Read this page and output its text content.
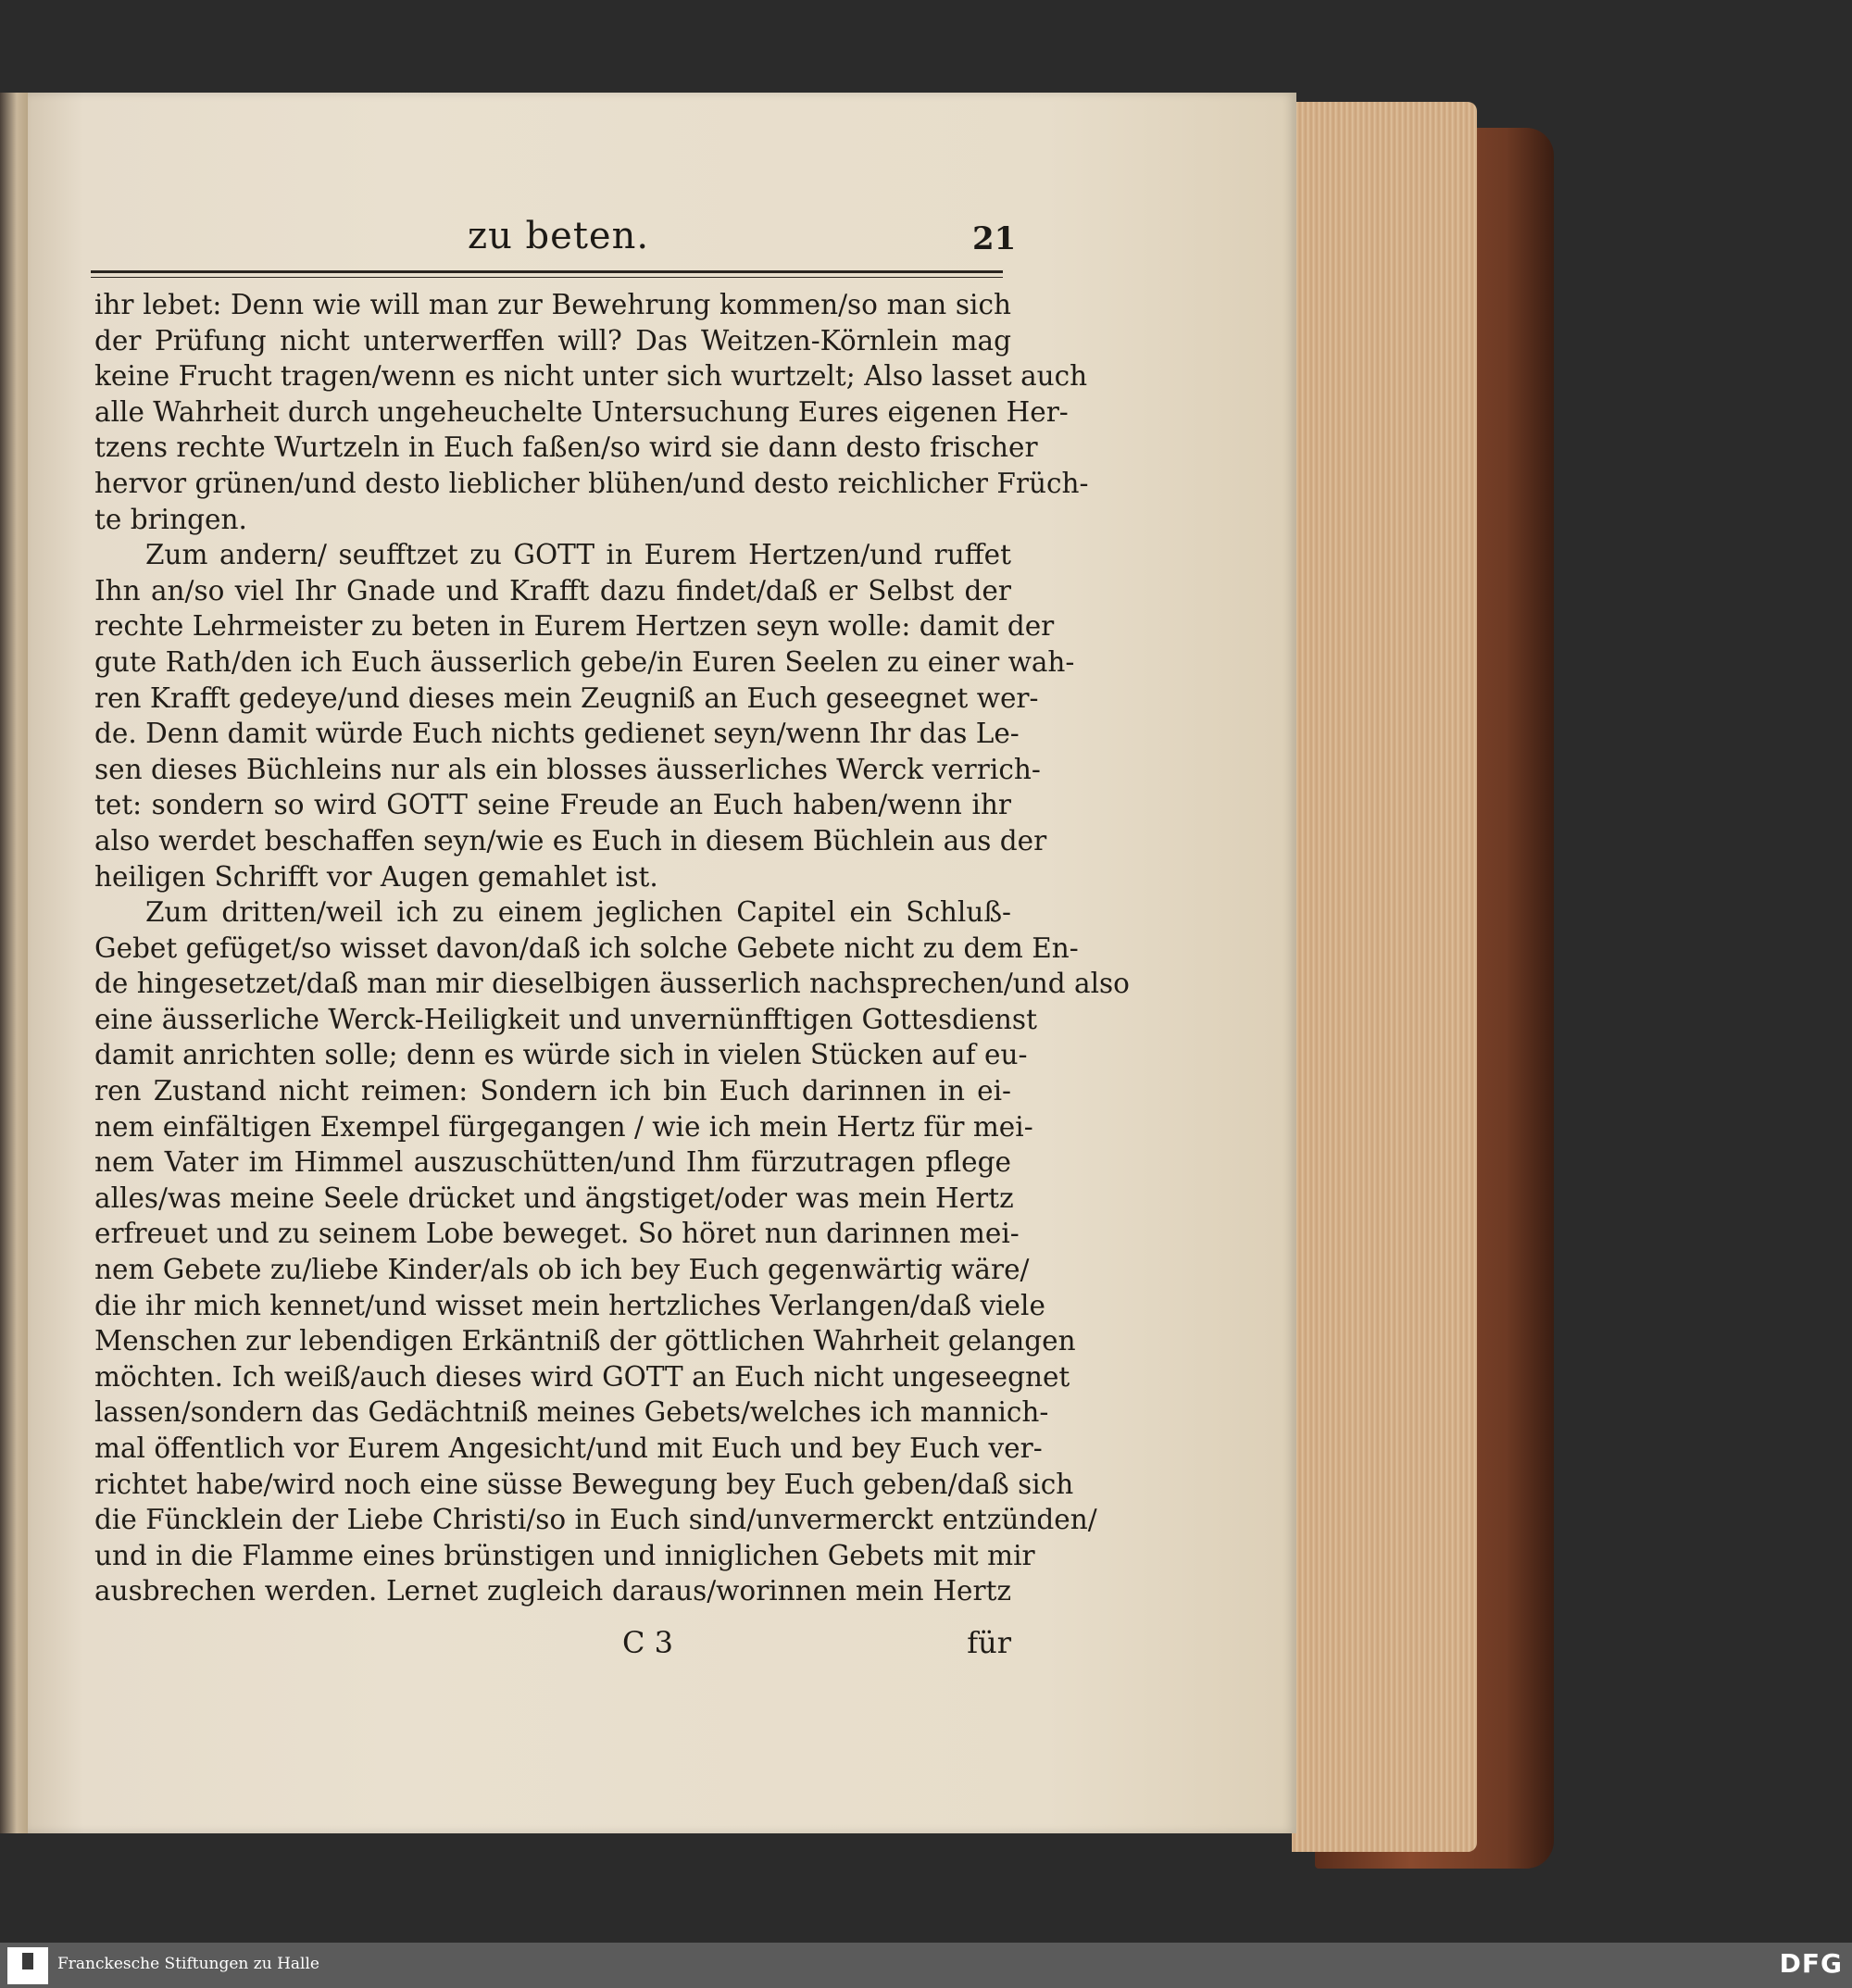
zu beten.	21
ihr lebet: Denn wie will man zur Bewehrung kommen/so man sich
der Prüfung nicht unterwerffen will? Das Weitzen-Körnlein mag
keine Frucht tragen/wenn es nicht unter sich wurtzelt; Also lasset auch
alle Wahrheit durch ungeheuchelte Untersuchung Eures eigenen Her-
tzens rechte Wurtzeln in Euch faßen/so wird sie dann desto frischer
hervor grünen/und desto lieblicher blühen/und desto reichlicher Früch-
te bringen.
Zum andern/ seufftzet zu GOTT in Eurem Hertzen/und ruffet
Ihn an/so viel Ihr Gnade und Krafft dazu findet/daß er Selbst der
rechte Lehrmeister zu beten in Eurem Hertzen seyn wolle: damit der
gute Rath/den ich Euch äusserlich gebe/in Euren Seelen zu einer wah-
ren Krafft gedeye/und dieses mein Zeugniß an Euch geseegnet wer-
de. Denn damit würde Euch nichts gedienet seyn/wenn Ihr das Le-
sen dieses Büchleins nur als ein blosses äusserliches Werck verrich-
tet: sondern so wird GOTT seine Freude an Euch haben/wenn ihr
also werdet beschaffen seyn/wie es Euch in diesem Büchlein aus der
heiligen Schrifft vor Augen gemahlet ist.
Zum dritten/weil ich zu einem jeglichen Capitel ein Schluß-
Gebet gefüget/so wisset davon/daß ich solche Gebete nicht zu dem En-
de hingesetzet/daß man mir dieselbigen äusserlich nachsprechen/und also
eine äusserliche Werck-Heiligkeit und unvernünfftigen Gottesdienst
damit anrichten solle; denn es würde sich in vielen Stücken auf eu-
ren Zustand nicht reimen: Sondern ich bin Euch darinnen in ei-
nem einfältigen Exempel fürgegangen / wie ich mein Hertz für mei-
nem Vater im Himmel auszuschütten/und Ihm fürzutragen pflege
alles/was meine Seele drücket und ängstiget/oder was mein Hertz
erfreuet und zu seinem Lobe beweget. So höret nun darinnen mei-
nem Gebete zu/liebe Kinder/als ob ich bey Euch gegenwärtig wäre/
die ihr mich kennet/und wisset mein hertzliches Verlangen/daß viele
Menschen zur lebendigen Erkäntniß der göttlichen Wahrheit gelangen
möchten. Ich weiß/auch dieses wird GOTT an Euch nicht ungeseegnet
lassen/sondern das Gedächtniß meines Gebets/welches ich mannich-
mal öffentlich vor Eurem Angesicht/und mit Euch und bey Euch ver-
richtet habe/wird noch eine süsse Bewegung bey Euch geben/daß sich
die Füncklein der Liebe Christi/so in Euch sind/unvermerckt entzünden/
und in die Flamme eines brünstigen und inniglichen Gebets mit mir
ausbrechen werden. Lernet zugleich daraus/worinnen mein Hertz
C 3	für
Franckesche Stiftungen zu Halle	DFG
